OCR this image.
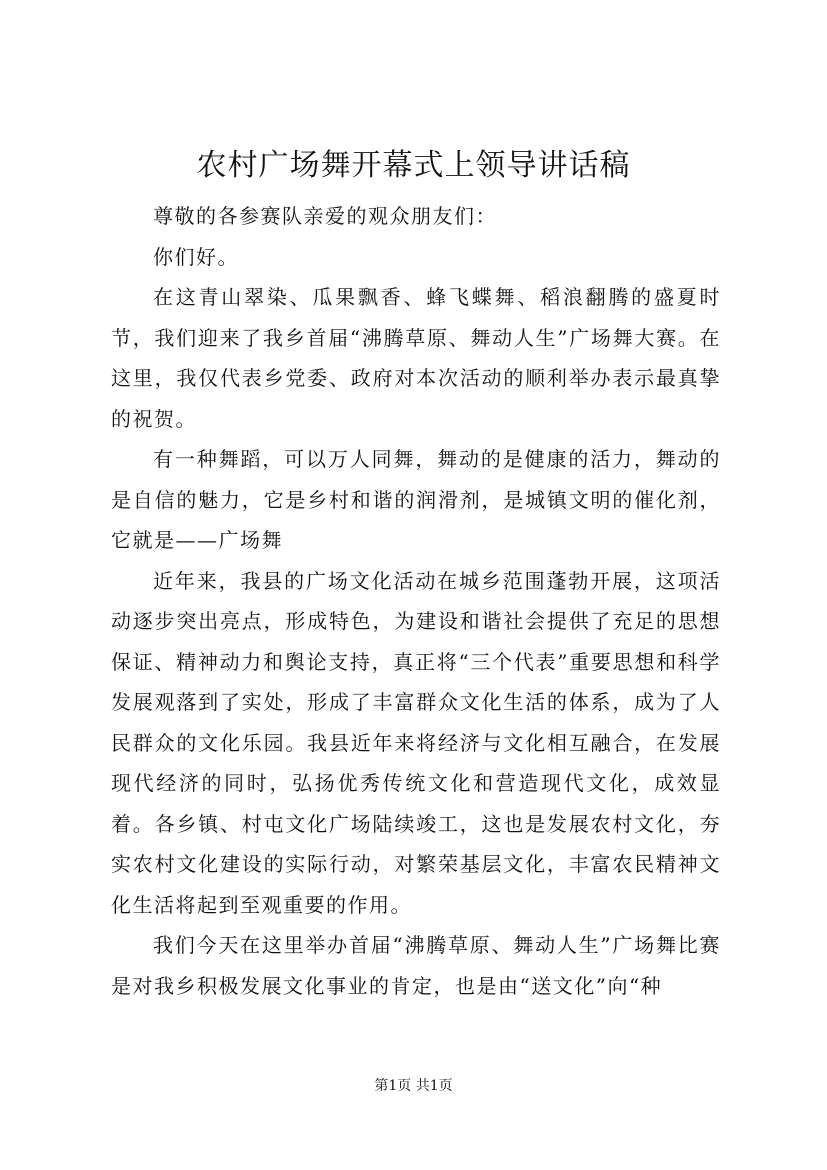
农村广场舞开幕式上领导讲话稿

尊敬的各参赛队亲爱的观众朋友们：

你们好。

在这青山翠染、瓜果飘香、蜂飞蝶舞、稻浪翻腾的盛夏时节，我们迎来了我乡首届“沸腾草原、舞动人生”广场舞大赛。在这里，我仅代表乡党委、政府对本次活动的顺利举办表示最真挚的祝贺。

有一种舞蹈，可以万人同舞，舞动的是健康的活力，舞动的是自信的魅力，它是乡村和谐的润滑剂，是城镇文明的催化剂，它就是——广场舞

近年来，我县的广场文化活动在城乡范围蓬勃开展，这项活动逐步突出亮点，形成特色，为建设和谐社会提供了充足的思想保证、精神动力和舆论支持，真正将“三个代表”重要思想和科学发展观落到了实处，形成了丰富群众文化生活的体系，成为了人民群众的文化乐园。我县近年来将经济与文化相互融合，在发展现代经济的同时，弘扬优秀传统文化和营造现代文化，成效显着。各乡镇、村屯文化广场陆续竣工，这也是发展农村文化，夯实农村文化建设的实际行动，对繁荣基层文化，丰富农民精神文化生活将起到至观重要的作用。

我们今天在这里举办首届“沸腾草原、舞动人生”广场舞比赛是对我乡积极发展文化事业的肯定，也是由“送文化”向“种

第1页 共1页
